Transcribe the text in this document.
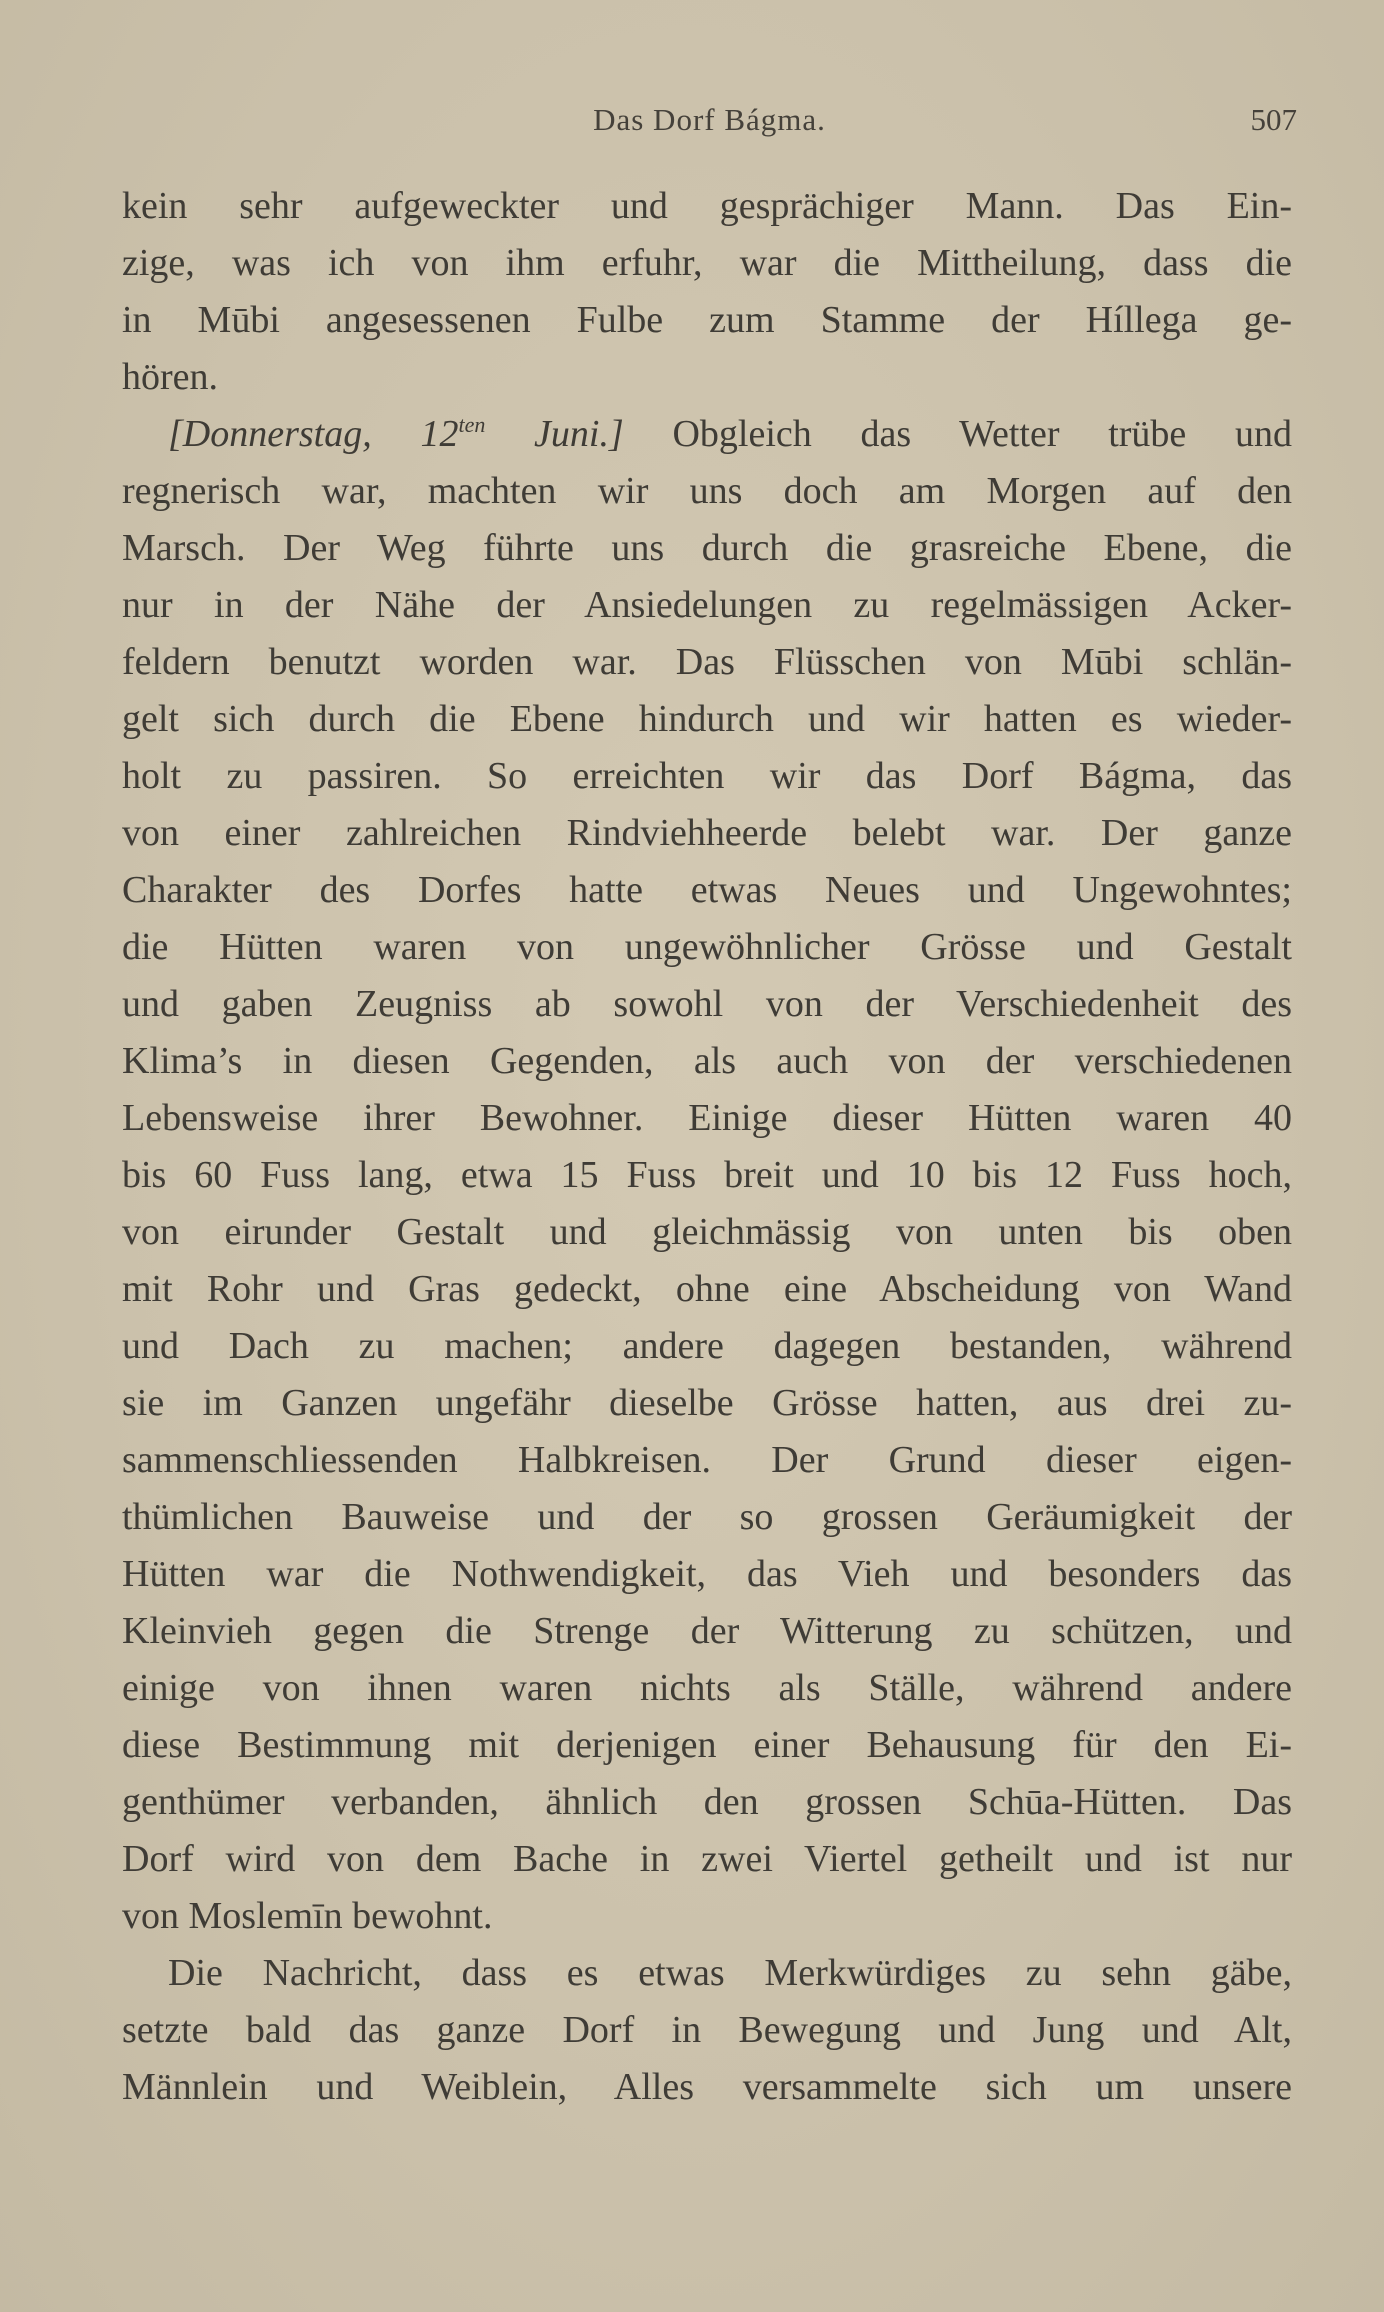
Das Dorf Bágma.	507
kein sehr aufgeweckter und gesprächiger Mann. Das Ein-
zige, was ich von ihm erfuhr, war die Mittheilung, dass die
in Mūbi angesessenen Fulbe zum Stamme der Híllega ge-
hören.
[Donnerstag, $12^{ten}$ Juni.] Obgleich das Wetter trübe und
regnerisch war, machten wir uns doch am Morgen auf den
Marsch. Der Weg führte uns durch die grasreiche Ebene, die
nur in der Nähe der Ansiedelungen zu regelmässigen Acker-
feldern benutzt worden war. Das Flüsschen von Mūbi schlän-
gelt sich durch die Ebene hindurch und wir hatten es wieder-
holt zu passiren. So erreichten wir das Dorf Bágma, das
von einer zahlreichen Rindviehheerde belebt war. Der ganze
Charakter des Dorfes hatte etwas Neues und Ungewohntes;
die Hütten waren von ungewöhnlicher Grösse und Gestalt
und gaben Zeugniss ab sowohl von der Verschiedenheit des
Klima’s in diesen Gegenden, als auch von der verschiedenen
Lebensweise ihrer Bewohner. Einige dieser Hütten waren 40
bis 60 Fuss lang, etwa 15 Fuss breit und 10 bis 12 Fuss hoch,
von eirunder Gestalt und gleichmässig von unten bis oben
mit Rohr und Gras gedeckt, ohne eine Abscheidung von Wand
und Dach zu machen; andere dagegen bestanden, während
sie im Ganzen ungefähr dieselbe Grösse hatten, aus drei zu-
sammenschliessenden Halbkreisen. Der Grund dieser eigen-
thümlichen Bauweise und der so grossen Geräumigkeit der
Hütten war die Nothwendigkeit, das Vieh und besonders das
Kleinvieh gegen die Strenge der Witterung zu schützen, und
einige von ihnen waren nichts als Ställe, während andere
diese Bestimmung mit derjenigen einer Behausung für den Ei-
genthümer verbanden, ähnlich den grossen Schūa-Hütten. Das
Dorf wird von dem Bache in zwei Viertel getheilt und ist nur
von Moslemīn bewohnt.
Die Nachricht, dass es etwas Merkwürdiges zu sehn gäbe,
setzte bald das ganze Dorf in Bewegung und Jung und Alt,
Männlein und Weiblein, Alles versammelte sich um unsere
